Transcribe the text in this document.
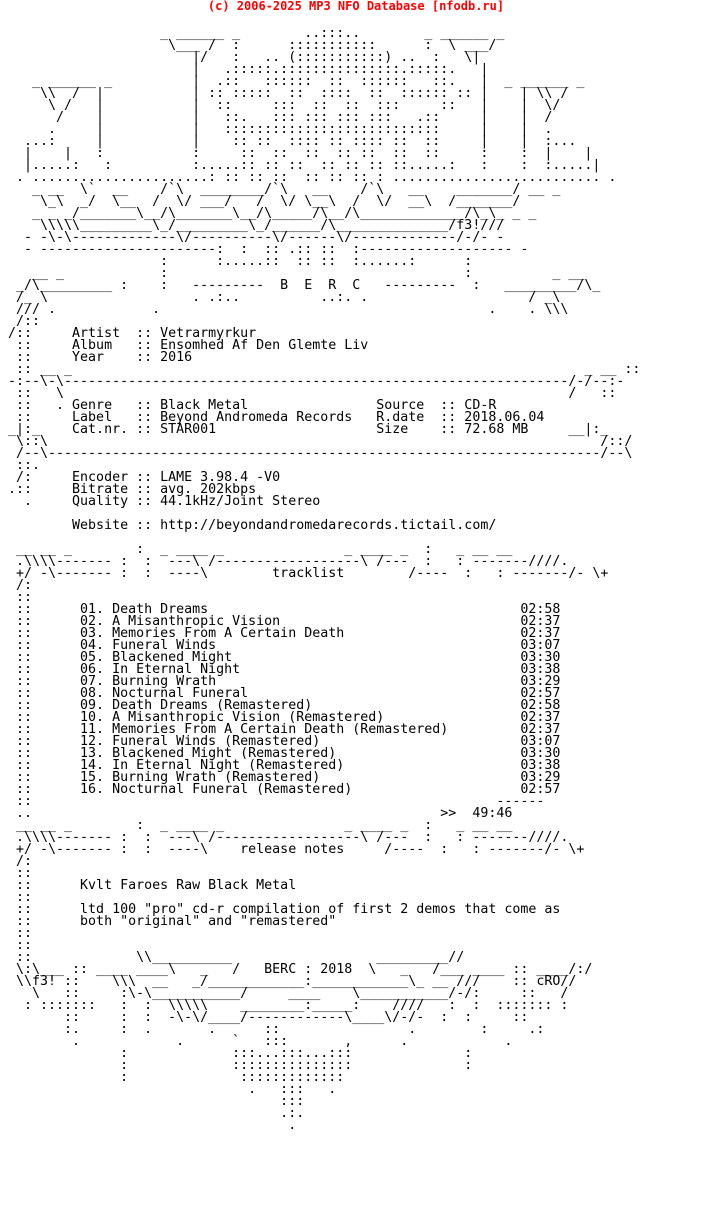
(c) 2006-2025 MP3 NFO Database [nfodb.ru]

_ ______ _        ..:::..        _ ______ _
\___ /  :      :::::::::::      :  \ ___/
|/   :   .. (:::::::::::) ..  :   \|
|   .:::::.:::::::::::::::.:::::.   |
_ ______ _          |  .::   ::::::  ::  ::::::   ::.   |  _ ______ _
\\  /  |           | :: :::::  ::  ::::  ::  :::::: :: |    | \\ /
\ /   |           |  ::     :::  ::  ::  :::     ::   |    |  \/
/    |           |   ::.   ::: ::: ::: :::   .::     |    |  /
.     |           |   :::::::::::::::::::::::::::     |    |  .
...:     |           |    :: ::  :::: :: :::: ::  ::     |    |  :...
|    |   :           :     ::  ::  ::  :: ::  ::  ::     :    :  |    |
|.....:   :          :.....:: :: ::  :: :: :: ::.....:   :    :  :.....|
. ......................: :: :: ::  :: :: :: : .......................... .
_ __  \`  __    /`\  ________/`\   __    /`\   __    _______/ __ _
\_\  _/  \__  /  \/ ___/   /  \/ \__\  /  \/  __\  /_______/
_ _ _/_______\__/\_______\__/\_____/\__/\_____________/\_\_ _ _
\\\\\_________\_/_________\_/______/\______________/f3!///
- -\-\-------------\/----------\/------\/-------------/-/- -
- ----------------------:  :  :: .:: ::  :------------------- -
:      :.....::  :: ::  :......:      :
__ _            :                                     :          _ __
_/\_________ :    :   ---------  B  E  R  C   ---------  :   _________/\_
/_ \                  . .:..          ..:. .                    / _\
/// .            .                                         .    . \\\
/::
/::     Artist  :: Vetrarmyrkur
::     Album   :: Ensomhed Af Den Glemte Liv
::     Year    :: 2016
:: __ _                                                                _ __ ::
-:--\-\---------------------------------------------------------------/-/--:-
::   \                                                               /   ::
::   . Genre   :: Black Metal                Source  :: CD-R
::     Label   :: Beyond Andromeda Records   R.date  :: 2018.06.04
_|:_    Cat.nr. :: STAR001                    Size    :: 72.68 MB     __|:_
\::\                                                                     /::/
/--\---------------------------------------------------------------------/--\
::.
/:     Encoder :: LAME 3.98.4 -V0
.::     Bitrate :: avg. 202kbps
.     Quality :: 44.1kHz/Joint Stereo

Website :: http://beyondandromedarecords.tictail.com/

__ __ _        :  _ ____ _               _ ____ _  :   _ __ __
.\\\\------- :  :  ---\ /------------------\ /---  :   : -------////.
+/ -\------- :  :  ----\        tracklist        /----  :   : -------/- \+
/:
::
::      01. Death Dreams                                       02:58
::      02. A Misanthropic Vision                              02:37
::      03. Memories From A Certain Death                      02:37
::      04. Funeral Winds                                      03:07
::      05. Blackened Might                                    03:30
::      06. In Eternal Night                                   03:38
::      07. Burning Wrath                                      03:29
::      08. Nocturnal Funeral                                  02:57
::      09. Death Dreams (Remastered)                          02:58
::      10. A Misanthropic Vision (Remastered)                 02:37
::      11. Memories From A Certain Death (Remastered)         02:37
::      12. Funeral Winds (Remastered)                         03:07
::      13. Blackened Might (Remastered)                       03:30
::      14. In Eternal Night (Remastered)                      03:38
::      15. Burning Wrath (Remastered)                         03:29
::      16. Nocturnal Funeral (Remastered)                     02:57
::                                                          ------
..                                                   >>  49:46
__ __ _        :  _ ____ _               _ ____ _  :   _ __ __
.\\\\------- :  :  ---\ /------------------\ /---  :   : -------////.
+/ -\------- :  :  ----\    release notes     /----  :   : -------/- \+
/:
::
::      Kvlt Faroes Raw Black Metal
::
::      ltd 100 "pro" cd-r compilation of first 2 demos that come as
::      both "original" and "remastered"
::
::
::             \\__________                  _________//
\:\___ :: ____ ____\   _   /   BERC : 2018  \   _   /___ ____ :: ____/:/
\\f3! ::    \\\  __   _/____________:____________\_ __ ///    :: cRO//
\   ::     :\-\___________/     ____    \___________/-/:     ::   /
: :::::::   :  :  \\\\\    ________:_____:    ////   :  :  ::::::: :
::     :  :  -\-\/____/------------\____\/-/-  :  :     ::
:.     :  .       .      ::                .        :     .:
.            .      `   :::       ,      .            .
:             :::...:::...:::              :
:             :::::::::::::::              :
:              :::::::::::::
.   :::   .
:::
.:.
.
